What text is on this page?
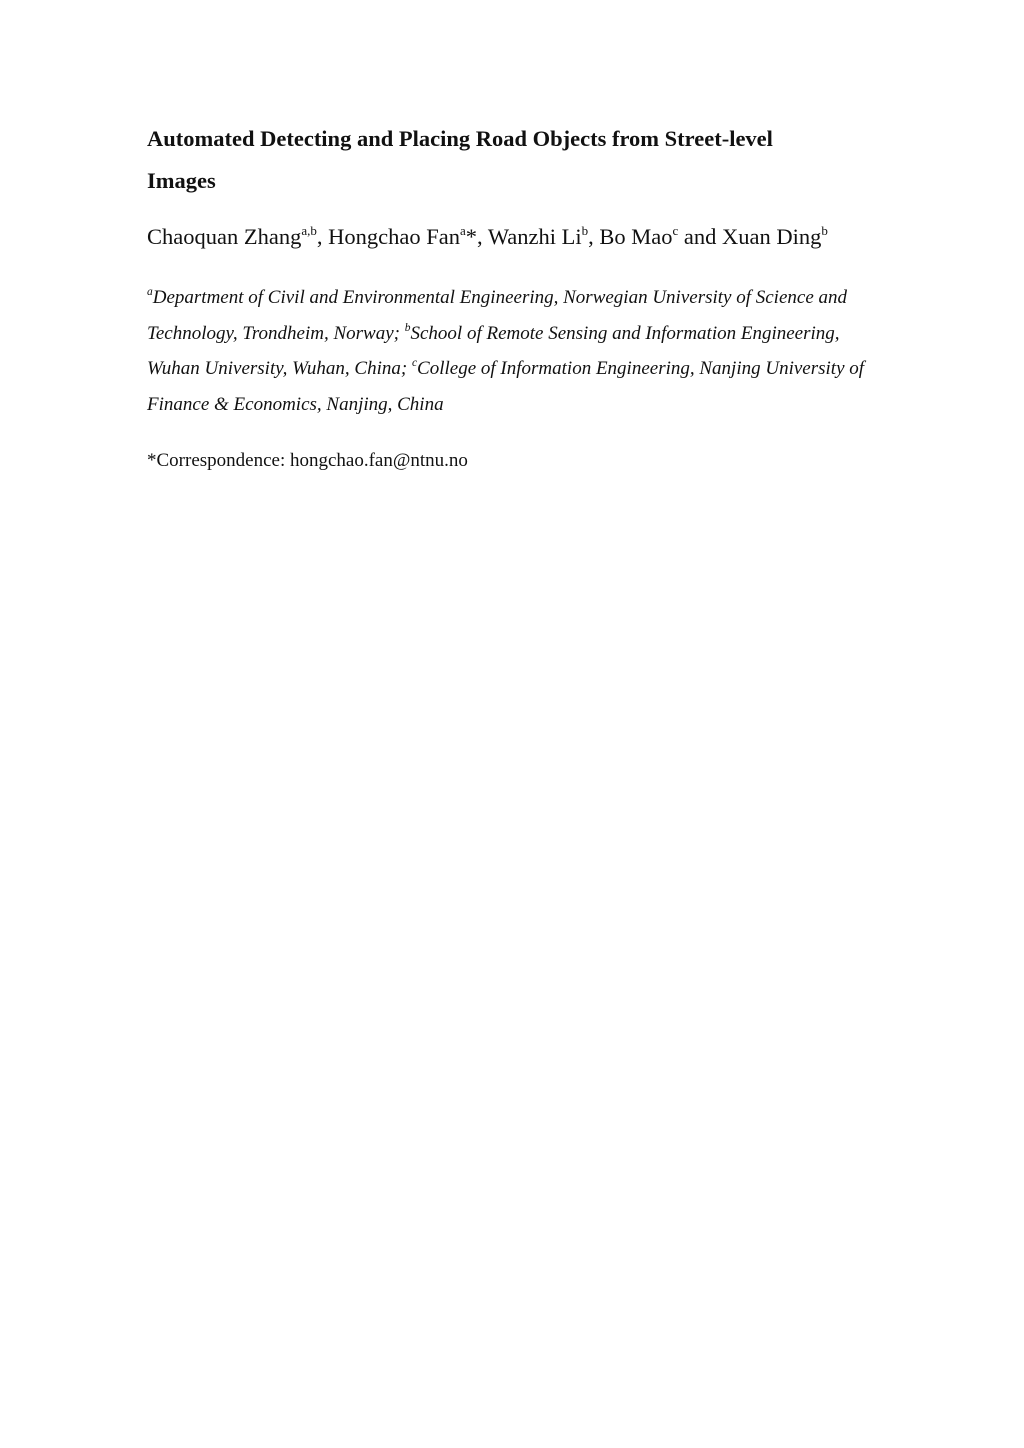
Automated Detecting and Placing Road Objects from Street-level Images

Chaoquan Zhang$^{a,b}$, Hongchao Fan$^a$*, Wanzhi Li$^b$, Bo Mao$^c$ and Xuan Ding$^b$

$^a$Department of Civil and Environmental Engineering, Norwegian University of Science and Technology, Trondheim, Norway; $^b$School of Remote Sensing and Information Engineering, Wuhan University, Wuhan, China; $^c$College of Information Engineering, Nanjing University of Finance & Economics, Nanjing, China

*Correspondence: hongchao.fan@ntnu.no
